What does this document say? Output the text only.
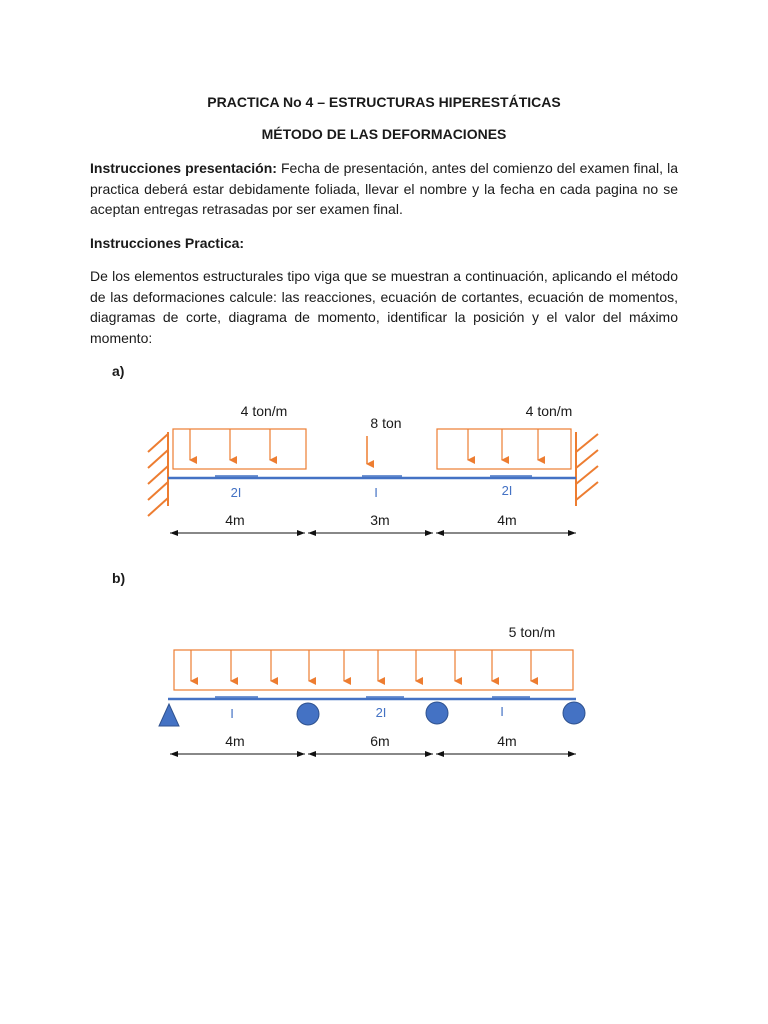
PRACTICA No 4 – ESTRUCTURAS HIPERESTÁTICAS
MÉTODO DE LAS DEFORMACIONES
Instrucciones presentación: Fecha de presentación, antes del comienzo del examen final, la practica deberá estar debidamente foliada, llevar el nombre y la fecha en cada pagina no se aceptan entregas retrasadas por ser examen final.
Instrucciones Practica:
De los elementos estructurales tipo viga que se muestran a continuación, aplicando el método de las deformaciones calcule: las reacciones, ecuación de cortantes, ecuación de momentos, diagramas de corte, diagrama de momento, identificar la posición y el valor del máximo momento:
a)
b)
4 ton/m
8 ton
4 ton/m
2I	I	2I
4m	3m	4m
5 ton/m
I	2I	I
4m	6m	4m
